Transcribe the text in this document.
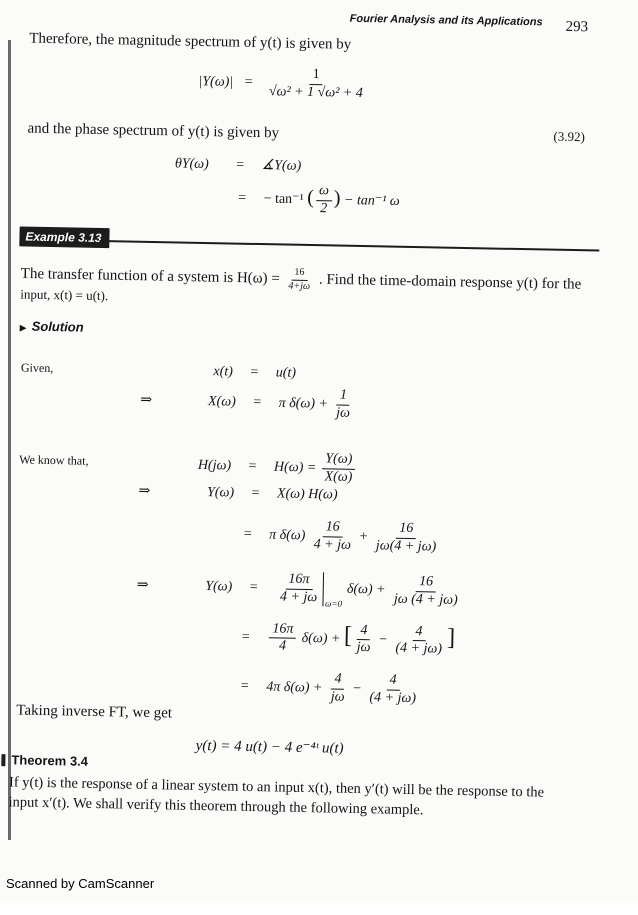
Fourier Analysis and its Applications 293
Therefore, the magnitude spectrum of y(t) is given by
$|Y(\omega)| = \frac{1}{\text{√ω² + 1 √ω² + 4}}$
and the phase spectrum of y(t) is given by	(3.92)
θY(ω) = ∡Y(ω)
= − tan⁻¹ ( $\frac{\omega}{2}$ ) − tan⁻¹ ω
Example 3.13
The transfer function of a system is $H(\omega) = \frac{16}{4+j\omega}$ . Find the time-domain response y(t) for the
input, x(t) = u(t).
▶ Solution
Given,	x(t) = u(t)
⇒	X(ω) = π $\delta(\omega) + \frac{1}{j\omega}$
We know that,	$H(j\omega) = H(\omega) = \frac{Y(\omega)}{X(\omega)}$
⇒	Y(ω) = X(ω) H(ω)
= π $\delta(\omega) \frac{16}{4 + j\omega} + \frac{16}{j\omega(4 + j\omega)}$
⇒	$Y(\omega) = \frac{16\pi}{4 + j\omega} \omega=0$
$\delta(\omega) + \frac{16}{j\omega (4 + j\omega)}$
= $\frac{16\pi}{4} \delta(\omega)$ + [ $\frac{4}{j\omega} - \frac{4}{(4 + j\omega)}$ ]
= 4π $\delta(\omega) + \frac{4}{j\omega} - \frac{4}{(4 + j\omega)}$
Taking inverse FT, we get
y(t) = 4 u(t) − 4 e⁻⁴ᵗ u(t)
Theorem 3.4
If y(t) is the response of a linear system to an input x(t), then y′(t) will be the response to the
input x′(t). We shall verify this theorem through the following example.
Scanned by CamScanner
